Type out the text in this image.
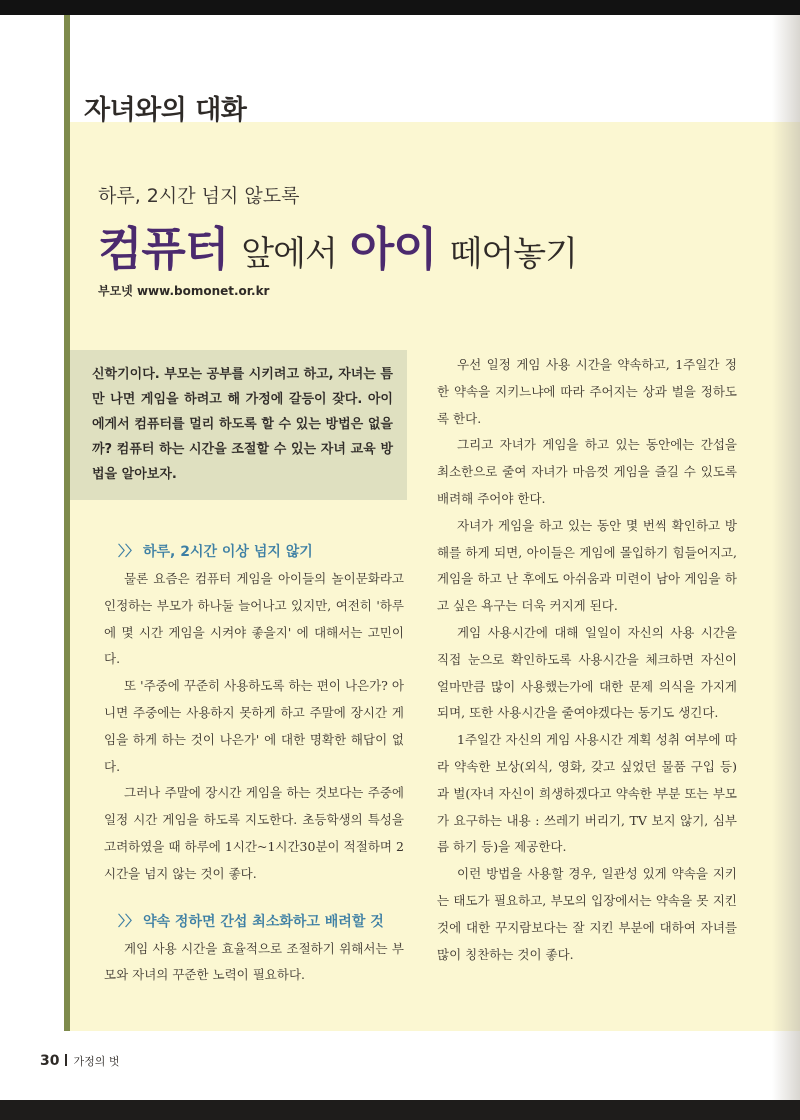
자녀와의 대화
하루, 2시간 넘지 않도록
컴퓨터 앞에서 아이 떼어놓기
부모넷 www.bomonet.or.kr

신학기이다. 부모는 공부를 시키려고 하고, 자녀는 틈만 나면 게임을 하려고 해 가정에 갈등이 잦다. 아이에게서 컴퓨터를 멀리 하도록 할 수 있는 방법은 없을까? 컴퓨터 하는 시간을 조절할 수 있는 자녀 교육 방법을 알아보자.

〉〉 하루, 2시간 이상 넘지 않기

물론 요즘은 컴퓨터 게임을 아이들의 놀이문화라고 인정하는 부모가 하나둘 늘어나고 있지만, 여전히 '하루에 몇 시간 게임을 시켜야 좋을지' 에 대해서는 고민이다.

또 '주중에 꾸준히 사용하도록 하는 편이 나은가? 아니면 주중에는 사용하지 못하게 하고 주말에 장시간 게임을 하게 하는 것이 나은가' 에 대한 명확한 해답이 없다.

그러나 주말에 장시간 게임을 하는 것보다는 주중에 일정 시간 게임을 하도록 지도한다. 초등학생의 특성을 고려하였을 때 하루에 1시간~1시간30분이 적절하며 2시간을 넘지 않는 것이 좋다.

〉〉 약속 정하면 간섭 최소화하고 배려할 것

게임 사용 시간을 효율적으로 조절하기 위해서는 부모와 자녀의 꾸준한 노력이 필요하다.

우선 일정 게임 사용 시간을 약속하고, 1주일간 정한 약속을 지키느냐에 따라 주어지는 상과 벌을 정하도록 한다.

그리고 자녀가 게임을 하고 있는 동안에는 간섭을 최소한으로 줄여 자녀가 마음껏 게임을 즐길 수 있도록 배려해 주어야 한다.

자녀가 게임을 하고 있는 동안 몇 번씩 확인하고 방해를 하게 되면, 아이들은 게임에 몰입하기 힘들어지고, 게임을 하고 난 후에도 아쉬움과 미련이 남아 게임을 하고 싶은 욕구는 더욱 커지게 된다.

게임 사용시간에 대해 일일이 자신의 사용 시간을 직접 눈으로 확인하도록 사용시간을 체크하면 자신이 얼마만큼 많이 사용했는가에 대한 문제 의식을 가지게 되며, 또한 사용시간을 줄여야겠다는 동기도 생긴다.

1주일간 자신의 게임 사용시간 계획 성취 여부에 따라 약속한 보상(외식, 영화, 갖고 싶었던 물품 구입 등)과 벌(자녀 자신이 희생하겠다고 약속한 부분 또는 부모가 요구하는 내용 : 쓰레기 버리기, TV 보지 않기, 심부름 하기 등)을 제공한다.

이런 방법을 사용할 경우, 일관성 있게 약속을 지키는 태도가 필요하고, 부모의 입장에서는 약속을 못 지킨 것에 대한 꾸지람보다는 잘 지킨 부분에 대하여 자녀를 많이 칭찬하는 것이 좋다.

30 가정의 벗
